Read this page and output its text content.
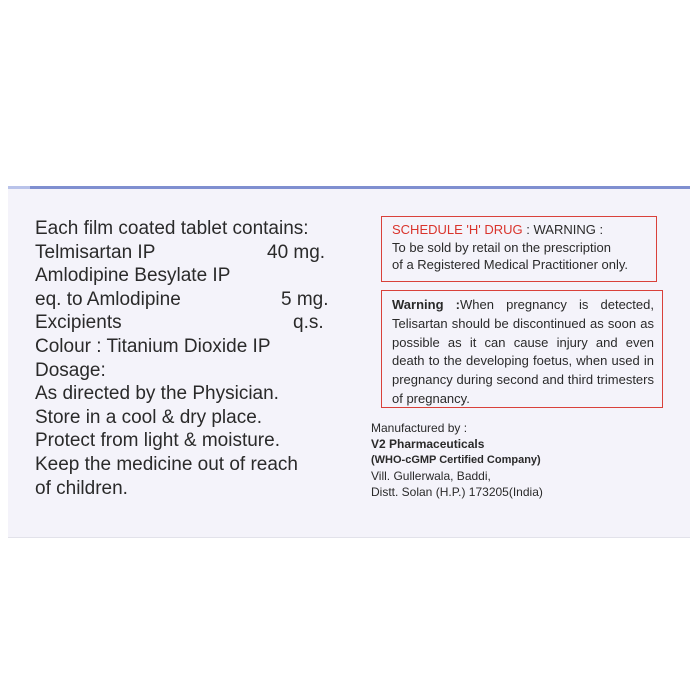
Each film coated tablet contains:
Telmisartan IP	40 mg.
Amlodipine Besylate IP
eq. to Amlodipine	5 mg.
Excipients	q.s.
Colour : Titanium Dioxide IP
Dosage:
As directed by the Physician.
Store in a cool & dry place.
Protect from light & moisture.
Keep the medicine out of reach
of children.
SCHEDULE 'H' DRUG : WARNING :
To be sold by retail on the prescription
of a Registered Medical Practitioner only.
Warning :When pregnancy is detected, Telisartan should be discontinued as soon as possible as it can cause injury and even death to the developing foetus, when used in pregnancy during second and third trimesters of pregnancy.
Manufactured by :
V2 Pharmaceuticals
(WHO-cGMP Certified Company)
Vill. Gullerwala, Baddi,
Distt. Solan (H.P.) 173205(India)
